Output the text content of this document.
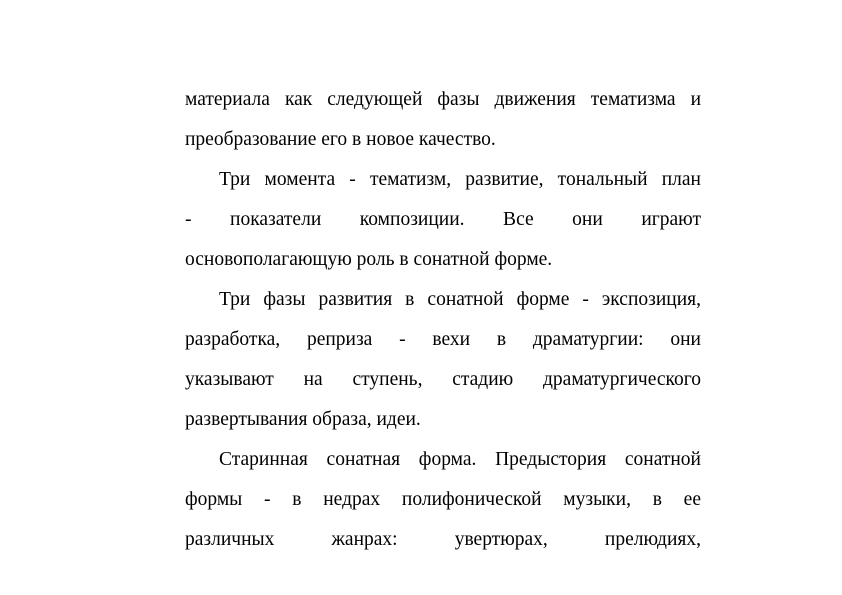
материала как следующей фазы движения тематизма и
преобразование его в новое качество.
Три момента - тематизм, развитие, тональный план
- показатели композиции. Все они играют
основополагающую роль в сонатной форме.
Три фазы развития в сонатной форме - экспозиция,
разработка, реприза - вехи в драматургии: они
указывают на ступень, стадию драматургического
развертывания образа, идеи.
Старинная сонатная форма. Предыстория сонатной
формы - в недрах полифонической музыки, в ее
различных жанрах: увертюрах, прелюдиях,
